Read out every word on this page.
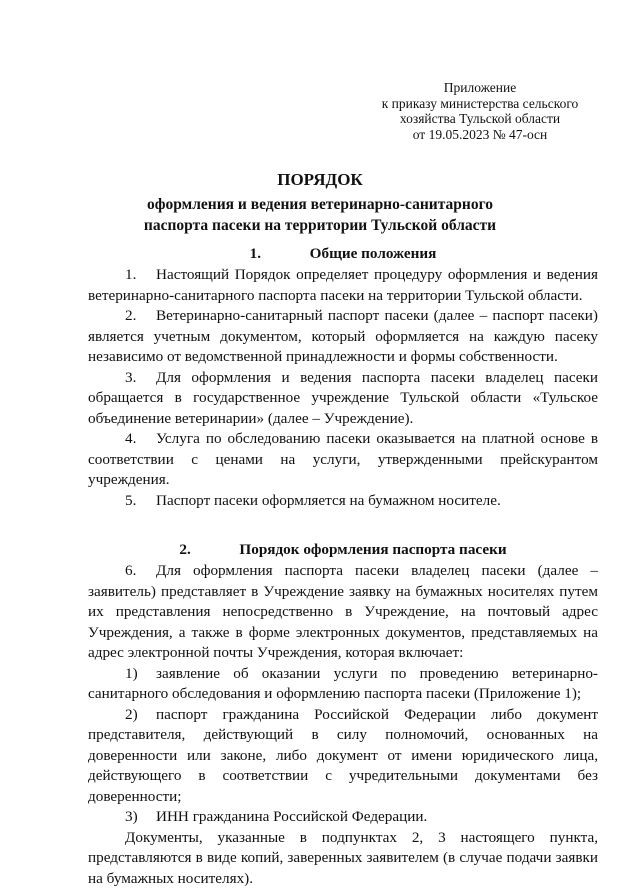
Приложение
к приказу министерства сельского
хозяйства Тульской области
от 19.05.2023 № 47-осн
ПОРЯДОК
оформления и ведения ветеринарно-санитарного
паспорта пасеки на территории Тульской области

1.	Общие положения

1. Настоящий Порядок определяет процедуру оформления и ведения ветеринарно-санитарного паспорта пасеки на территории Тульской области.

2. Ветеринарно-санитарный паспорт пасеки (далее – паспорт пасеки) является учетным документом, который оформляется на каждую пасеку независимо от ведомственной принадлежности и формы собственности.

3. Для оформления и ведения паспорта пасеки владелец пасеки обращается в государственное учреждение Тульской области «Тульское объединение ветеринарии» (далее – Учреждение).

4. Услуга по обследованию пасеки оказывается на платной основе в соответствии с ценами на услуги, утвержденными прейскурантом учреждения.

5. Паспорт пасеки оформляется на бумажном носителе.

2.	Порядок оформления паспорта пасеки

6. Для оформления паспорта пасеки владелец пасеки (далее – заявитель) представляет в Учреждение заявку на бумажных носителях путем их представления непосредственно в Учреждение, на почтовый адрес Учреждения, а также в форме электронных документов, представляемых на адрес электронной почты Учреждения, которая включает:

1) заявление об оказании услуги по проведению ветеринарно-санитарного обследования и оформлению паспорта пасеки (Приложение 1);

2) паспорт гражданина Российской Федерации либо документ представителя, действующий в силу полномочий, основанных на доверенности или законе, либо документ от имени юридического лица, действующего в соответствии с учредительными документами без доверенности;

3) ИНН гражданина Российской Федерации.

Документы, указанные в подпунктах 2, 3 настоящего пункта, представляются в виде копий, заверенных заявителем (в случае подачи заявки на бумажных носителях).
